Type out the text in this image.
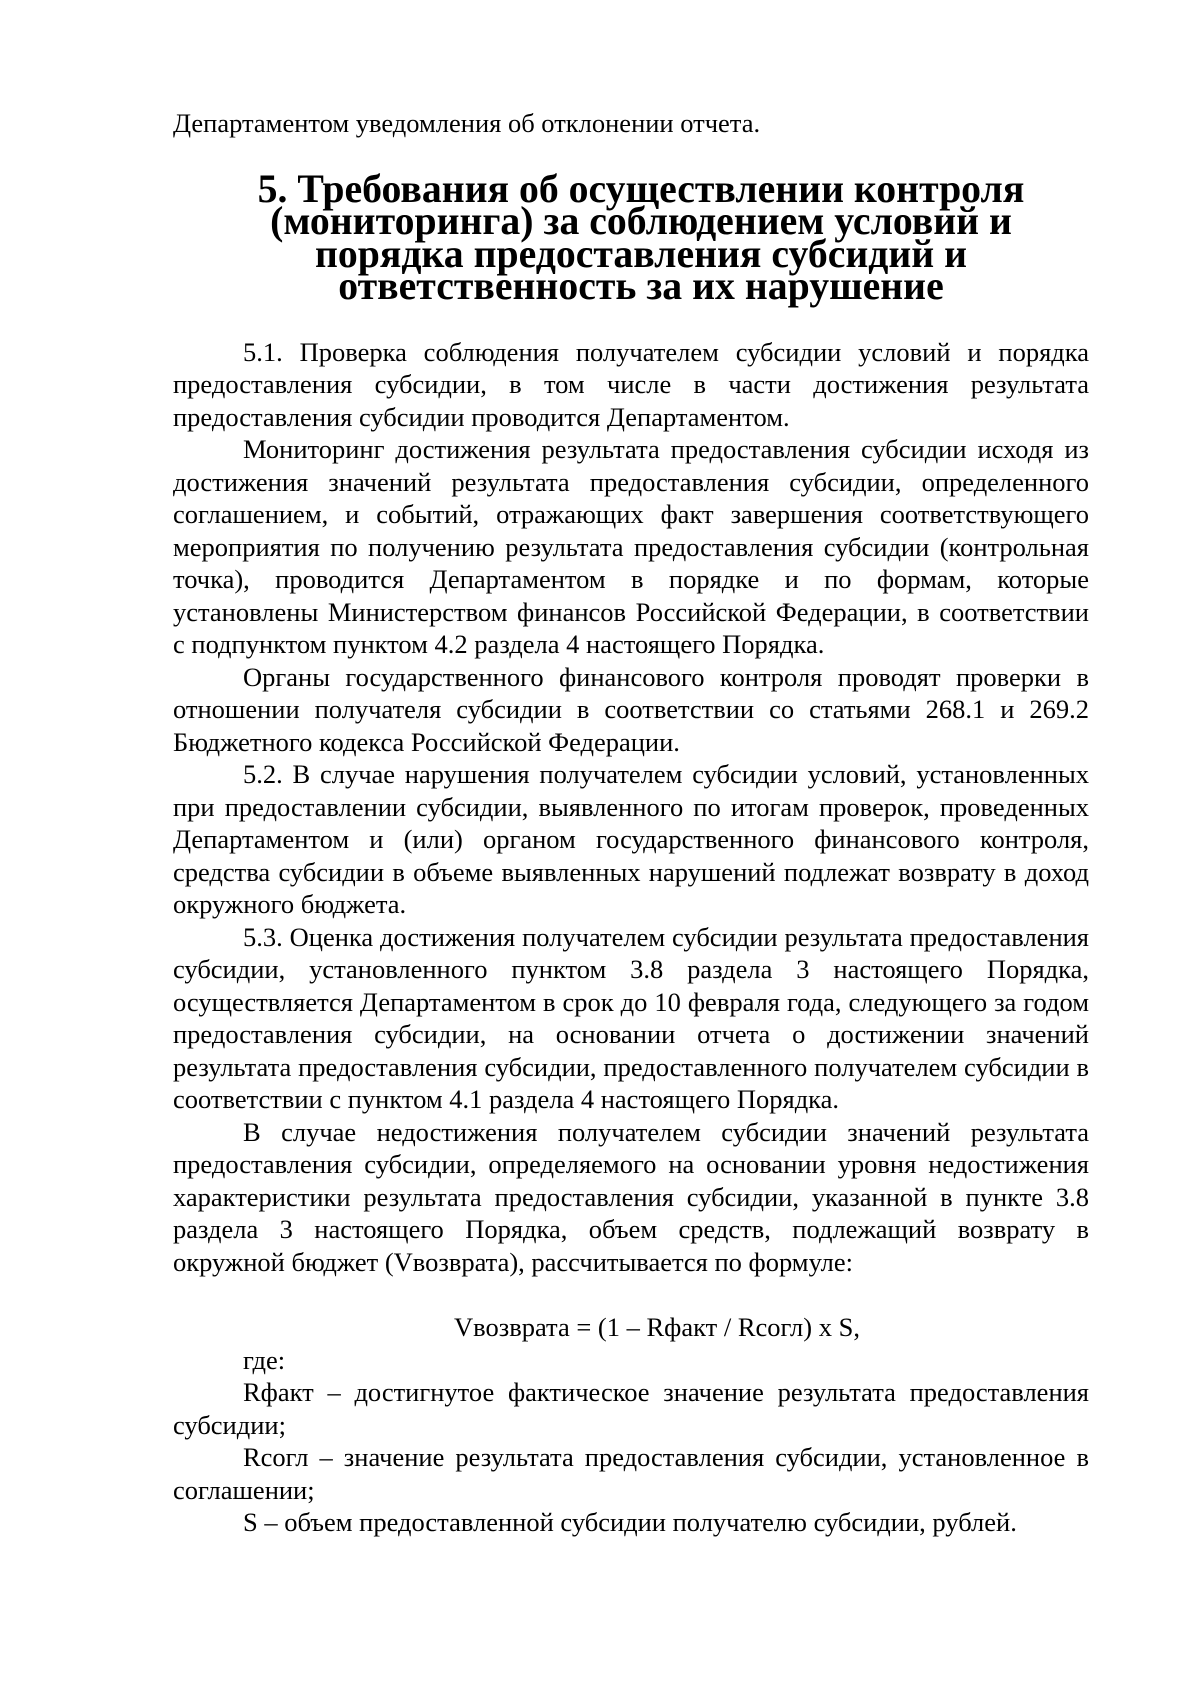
Департаментом уведомления об отклонении отчета.

5. Требования об осуществлении контроля (мониторинга) за соблюдением условий и порядка предоставления субсидий и ответственность за их нарушение

5.1. Проверка соблюдения получателем субсидии условий и порядка предоставления субсидии, в том числе в части достижения результата предоставления субсидии проводится Департаментом.

Мониторинг достижения результата предоставления субсидии исходя из достижения значений результата предоставления субсидии, определенного соглашением, и событий, отражающих факт завершения соответствующего мероприятия по получению результата предоставления субсидии (контрольная точка), проводится Департаментом в порядке и по формам, которые установлены Министерством финансов Российской Федерации, в соответствии с подпунктом пунктом 4.2 раздела 4 настоящего Порядка.

Органы государственного финансового контроля проводят проверки в отношении получателя субсидии в соответствии со статьями 268.1 и 269.2 Бюджетного кодекса Российской Федерации.

5.2. В случае нарушения получателем субсидии условий, установленных при предоставлении субсидии, выявленного по итогам проверок, проведенных Департаментом и (или) органом государственного финансового контроля, средства субсидии в объеме выявленных нарушений подлежат возврату в доход окружного бюджета.

5.3. Оценка достижения получателем субсидии результата предоставления субсидии, установленного пунктом 3.8 раздела 3 настоящего Порядка, осуществляется Департаментом в срок до 10 февраля года, следующего за годом предоставления субсидии, на основании отчета о достижении значений результата предоставления субсидии, предоставленного получателем субсидии в соответствии с пунктом 4.1 раздела 4 настоящего Порядка.

В случае недостижения получателем субсидии значений результата предоставления субсидии, определяемого на основании уровня недостижения характеристики результата предоставления субсидии, указанной в пункте 3.8 раздела 3 настоящего Порядка, объем средств, подлежащий возврату в окружной бюджет (Vвозврата), рассчитывается по формуле:

Vвозврата = (1 – Rфакт / Rсогл) x S,

где:

Rфакт – достигнутое фактическое значение результата предоставления субсидии;

Rсогл – значение результата предоставления субсидии, установленное в соглашении;

S – объем предоставленной субсидии получателю субсидии, рублей.
